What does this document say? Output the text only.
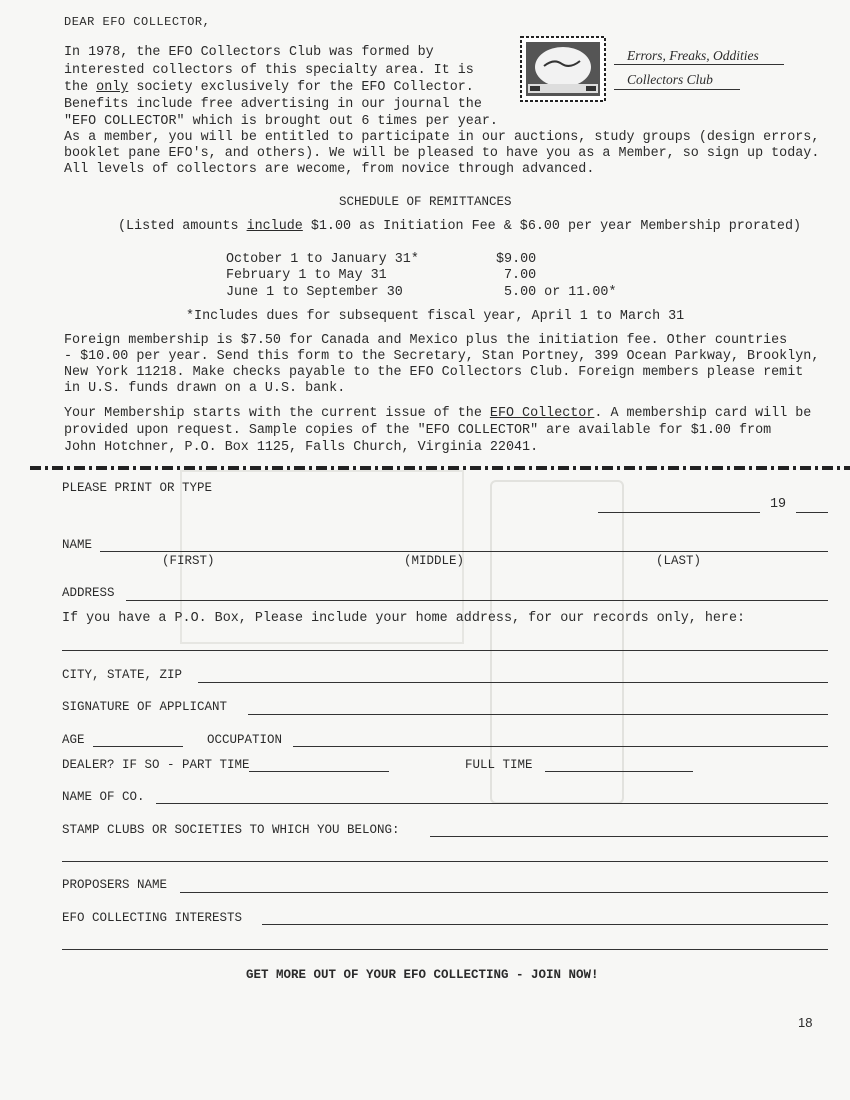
DEAR EFO COLLECTOR,
In 1978, the EFO Collectors Club was formed by
interested collectors of this specialty area. It is
the only society exclusively for the EFO Collector.
Benefits include free advertising in our journal the
"EFO COLLECTOR" which is brought out 6 times per year.
As a member, you will be entitled to participate in our auctions, study groups (design errors,
booklet pane EFO's, and others). We will be pleased to have you as a Member, so sign up today.
All levels of collectors are wecome, from novice through advanced.
Errors, Freaks, Oddities
Collectors Club
SCHEDULE OF REMITTANCES
(Listed amounts include $1.00 as Initiation Fee & $6.00 per year Membership prorated)
October 1 to January 31*	$9.00
February 1 to May 31	7.00
June 1 to September 30	5.00 or 11.00*
*Includes dues for subsequent fiscal year, April 1 to March 31
Foreign membership is $7.50 for Canada and Mexico plus the initiation fee. Other countries
- $10.00 per year. Send this form to the Secretary, Stan Portney, 399 Ocean Parkway, Brooklyn,
New York 11218. Make checks payable to the EFO Collectors Club. Foreign members please remit
in U.S. funds drawn on a U.S. bank.
Your Membership starts with the current issue of the EFO Collector. A membership card will be
provided upon request. Sample copies of the "EFO COLLECTOR" are available for $1.00 from
John Hotchner, P.O. Box 1125, Falls Church, Virginia 22041.
PLEASE PRINT OR TYPE
19
NAME
(FIRST)	(MIDDLE)	(LAST)
ADDRESS
If you have a P.O. Box, Please include your home address, for our records only, here:
CITY, STATE, ZIP
SIGNATURE OF APPLICANT
AGE	OCCUPATION
DEALER? IF SO - PART TIME	FULL TIME
NAME OF CO.
STAMP CLUBS OR SOCIETIES TO WHICH YOU BELONG:
PROPOSERS NAME
EFO COLLECTING INTERESTS
GET MORE OUT OF YOUR EFO COLLECTING - JOIN NOW!
18
